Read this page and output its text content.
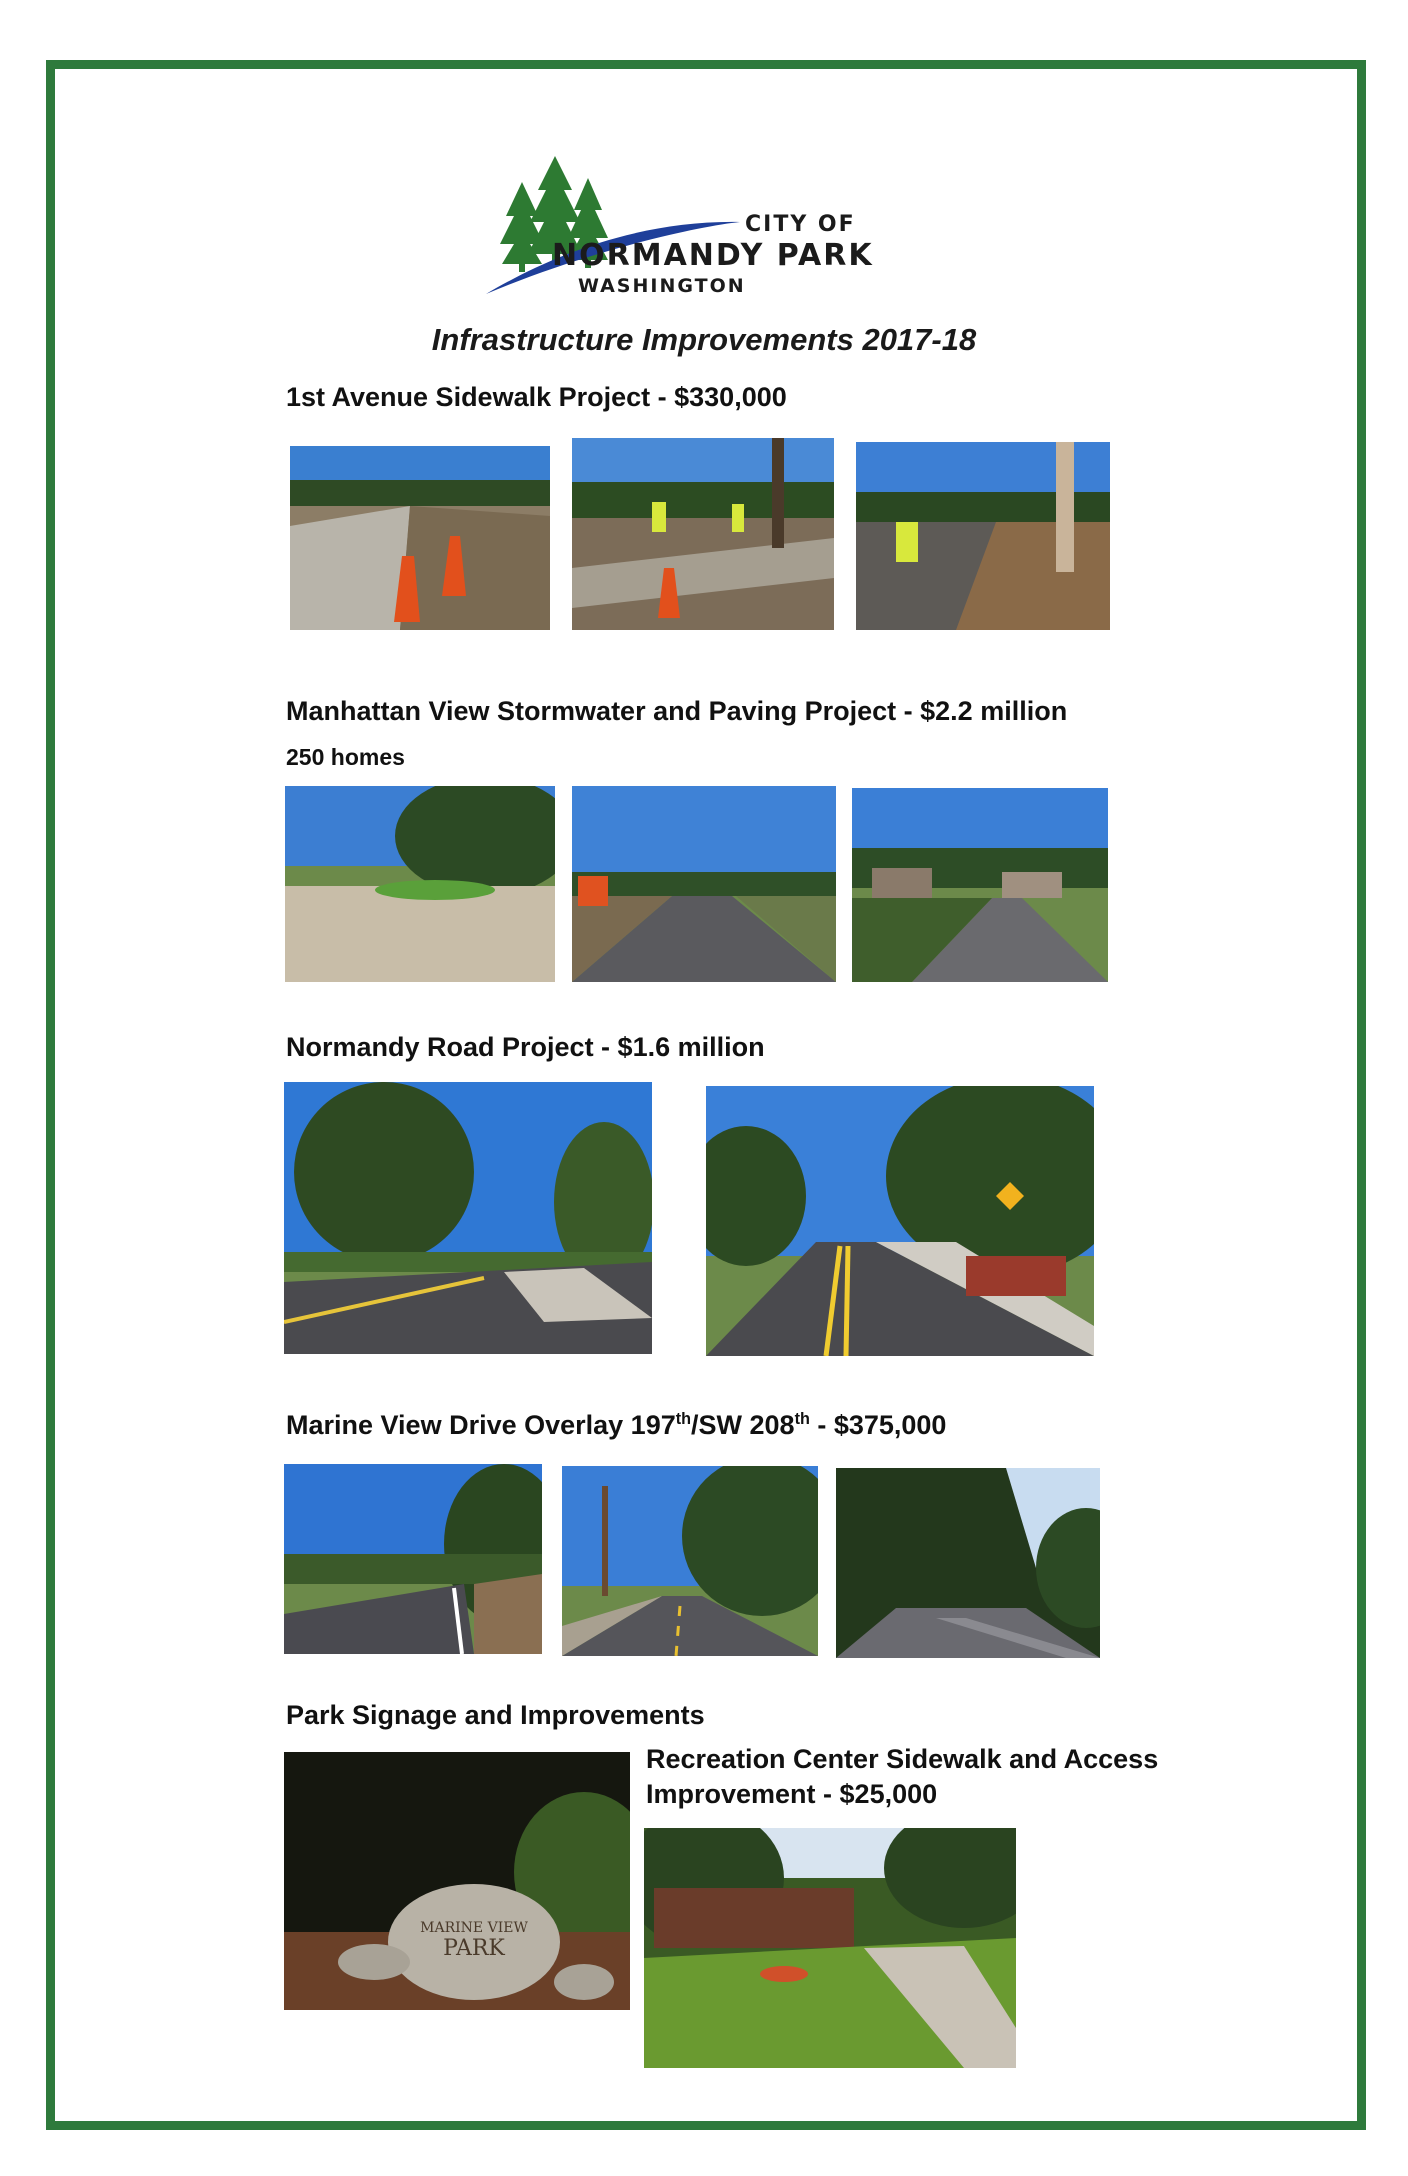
CITY OF
NORMANDY PARK
WASHINGTON
Infrastructure Improvements 2017-18
1st Avenue Sidewalk Project - $330,000
Manhattan View Stormwater and Paving Project - $2.2 million
250 homes
Normandy Road Project - $1.6 million
Marine View Drive Overlay 197th/SW 208th - $375,000
Park Signage and Improvements
MARINE VIEW
PARK
Recreation Center Sidewalk and Access
Improvement - $25,000
